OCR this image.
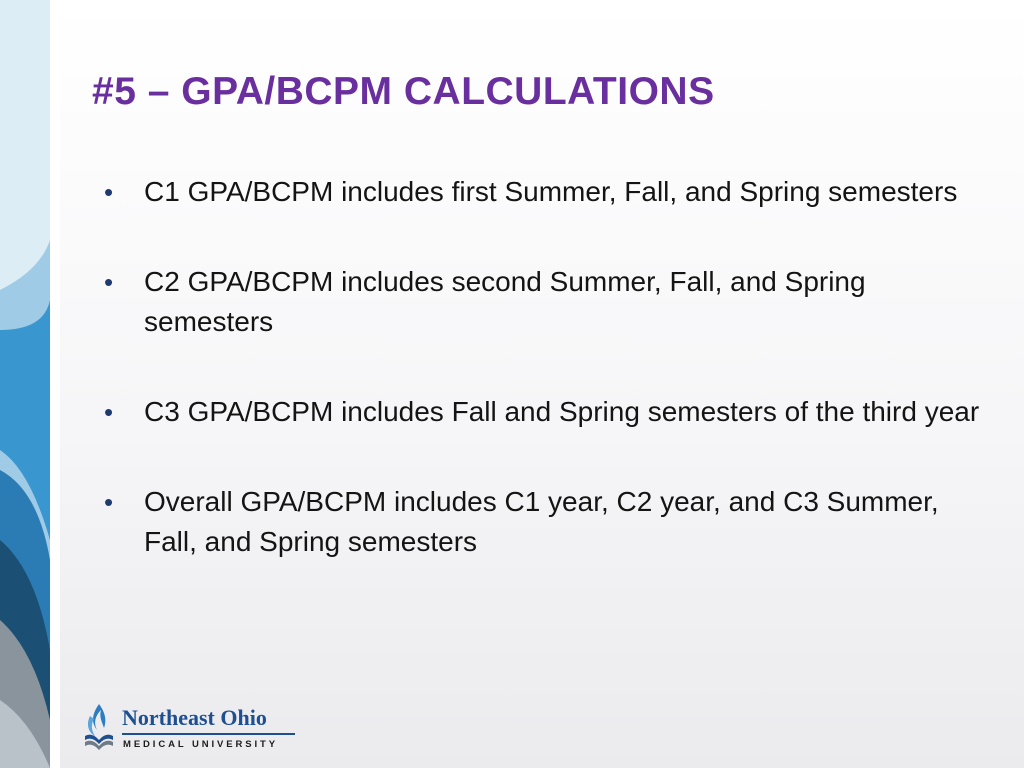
#5 – GPA/BCPM CALCULATIONS
• C1 GPA/BCPM includes first Summer, Fall, and Spring semesters
• C2 GPA/BCPM includes second Summer, Fall, and Spring semesters
• C3 GPA/BCPM includes Fall and Spring semesters of the third year
• Overall GPA/BCPM includes C1 year, C2 year, and C3 Summer, Fall, and Spring semesters
Northeast Ohio
MEDICAL UNIVERSITY
